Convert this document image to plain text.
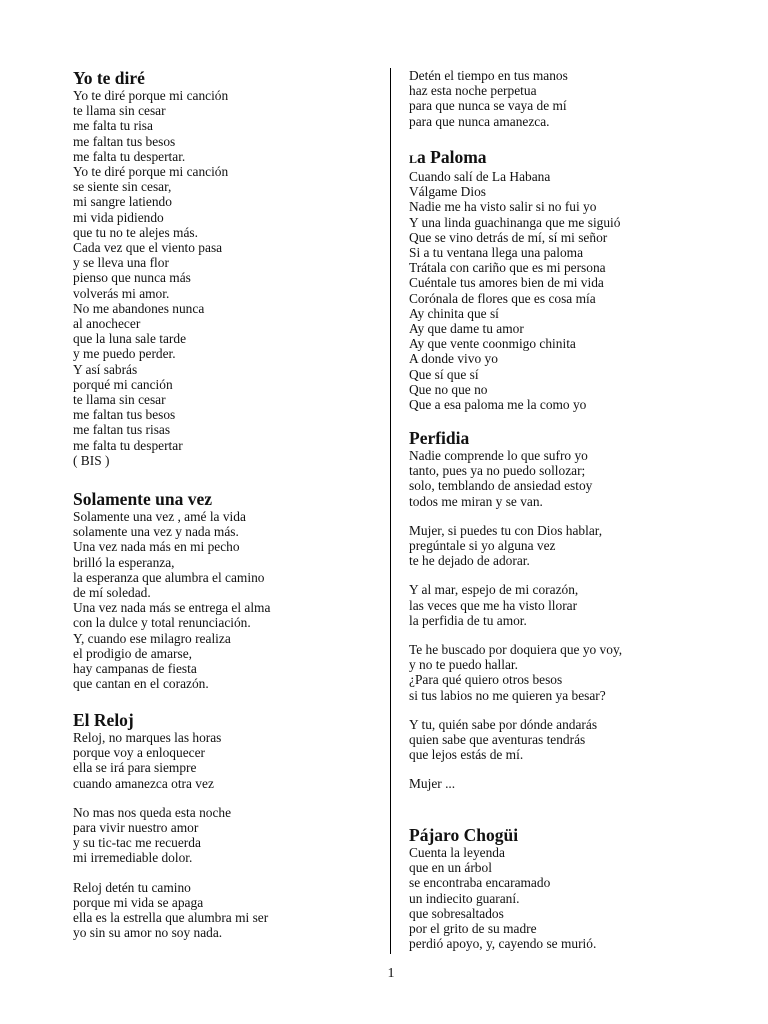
Yo te diré
Yo te diré porque mi canción
te llama sin cesar
me falta tu risa
me faltan tus besos
me falta tu despertar.
Yo te diré porque mi canción
se siente sin cesar,
mi sangre latiendo
mi vida pidiendo
que tu no te alejes más.
Cada vez que el viento pasa
y se lleva una flor
pienso que nunca más
volverás mi amor.
No me abandones nunca
al anochecer
que la luna sale tarde
y me puedo perder.
Y así sabrás
porqué mi canción
te llama sin cesar
me faltan tus besos
me faltan tus risas
me falta tu despertar
( BIS )
Solamente una vez
Solamente una vez , amé la vida
solamente una vez y nada más.
Una vez nada más en mi pecho
brilló la esperanza,
la esperanza que alumbra el camino
de mí soledad.
Una vez nada más se entrega el alma
con la dulce y total renunciación.
Y, cuando ese milagro realiza
el prodigio de amarse,
hay campanas de fiesta
que cantan en el corazón.
El Reloj
Reloj, no marques las horas
porque voy a enloquecer
ella se irá para siempre
cuando amanezca otra vez
No mas nos queda esta noche
para vivir nuestro amor
y su tic-tac me recuerda
mi irremediable dolor.
Reloj detén tu camino
porque mi vida se apaga
ella es la estrella que alumbra mi ser
yo sin su amor no soy nada.
Detén el tiempo en tus manos
haz esta noche perpetua
para que nunca se vaya de mí
para que nunca amanezca.
La Paloma
Cuando salí de La Habana
Válgame Dios
Nadie me ha visto salir si no fui yo
Y una linda guachinanga que me siguió
Que se vino detrás de mí, sí mi señor
Si a tu ventana llega una paloma
Trátala con cariño que es mi persona
Cuéntale tus amores bien de mi vida
Corónala de flores que es cosa mía
Ay chinita que sí
Ay que dame tu amor
Ay que vente coonmigo chinita
A donde vivo yo
Que sí que sí
Que no que no
Que a esa paloma me la como yo
Perfidia
Nadie comprende lo que sufro yo
tanto, pues ya no puedo sollozar;
solo, temblando de ansiedad estoy
todos me miran y se van.
Mujer, si puedes tu con Dios hablar,
pregúntale si yo alguna vez
te he dejado de adorar.
Y al mar, espejo de mi corazón,
las veces que me ha visto llorar
la perfidia de tu amor.
Te he buscado por doquiera que yo voy,
y no te puedo hallar.
¿Para qué quiero otros besos
si tus labios no me quieren ya besar?
Y tu, quién sabe por dónde andarás
quien sabe que aventuras tendrás
que lejos estás de mí.
Mujer ...
Pájaro Chogüi
Cuenta la leyenda
que en un árbol
se encontraba encaramado
un indiecito guaraní.
que sobresaltados
por el grito de su madre
perdió apoyo, y, cayendo se murió.
1
